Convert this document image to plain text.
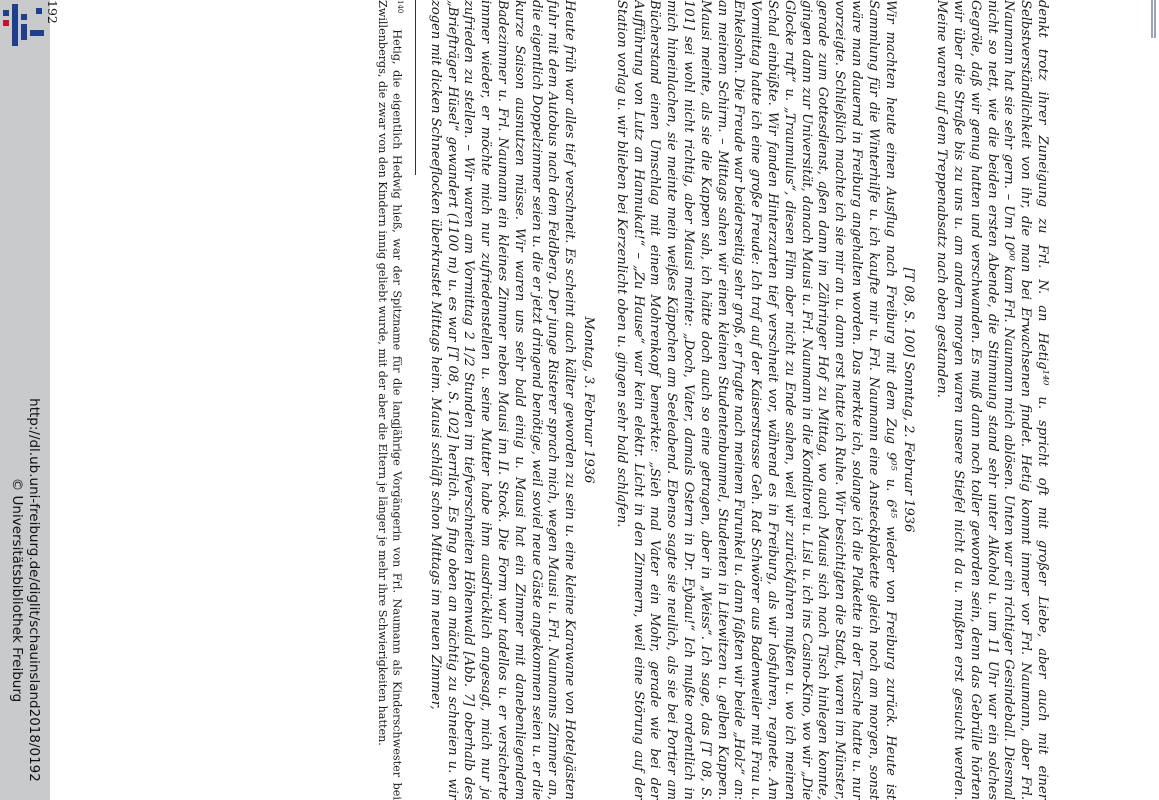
http://dl.ub.uni-freiburg.de/diglit/schauinsland2018/0192
© Universitätsbibliothek Freiburg	denkt trotz ihrer Zuneigung zu Frl. N. an Hetig¹⁴⁰ u. spricht oft mit großer Liebe, aber auch mit einer Selbstverständlichkeit von ihr, die man bei Erwachsenen findet. Hetig kommt immer vor Frl. Naumann, aber Frl. Naumann hat sie sehr gern. – Um 10⁰⁰ kam Frl. Naumann mich ablösen. Unten war ein richtiger Gesindeball. Diesmal nicht so nett, wie die beiden ersten Abende, die Stimmung stand sehr unter Alkohol u. um 11 Uhr war ein solches Gegröle, daß wir genug hatten und verschwanden. Es muß dann noch toller geworden sein, denn das Gebrülle hörten wir über die Straße bis zu uns u. am andern morgen waren unsere Stiefel nicht da u. mußten erst gesucht werden. Meine waren auf dem Treppenabsatz nach oben gestanden.

[T 08, S. 100] Sonntag, 2. Februar 1936

Wir machten heute einen Ausflug nach Freiburg mit dem Zug 9⁰⁵ u. 6⁴⁵ wieder von Freiburg zurück. Heute ist Sammlung für die Winterhilfe u. ich kaufte mir u. Frl. Naumann eine Ansteckplakette gleich noch am morgen, sonst wäre man dauernd in Freiburg angehalten worden. Das merkte ich, solange ich die Plakette in der Tasche hatte u. nur vorzeigte. Schließlich machte ich sie mir an u. dann erst hatte ich Ruhe. Wir besichtigten die Stadt, waren im Münster, gerade zum Gottesdienst, aßen dann im Zähringer Hof zu Mittag, wo auch Mausi sich nach Tisch hinlegen konnte, gingen dann zur Universität, danach Mausi u. Frl. Naumann in die Konditorei u. Lisl u. ich ins Casino-Kino, wo wir „Die Glocke ruft“ u. „Traumulus“, diesen Film aber nicht zu Ende sahen, weil wir zurückfahren mußten u. wo ich meinen Schal einbüßte. Wir fanden Hinterzarten tief verschneit vor, während es in Freiburg, als wir losfuhren, regnete. Am Vormittag hatte ich eine große Freude: Ich traf auf der Kaiserstrasse Geh. Rat Schwörer aus Badenweiler mit Frau u. Enkelsohn. Die Freude war beiderseitig sehr groß, er fragte nach meinem Furunkel u. dann faßten wir beide „Holz“ an: an meinem Schirm. – Mittags sahen wir einen kleinen Studentenbummel, Studenten in Litewitzen u. gelben Kappen. Mausi meinte, als sie die Kappen sah, ich hätte doch auch so eine getragen, aber in „Weiss“. Ich sage, das [T 08, S. 101] sei wohl nicht richtig, aber Mausi meinte: „Doch, Vater, damals Ostern in Dr. Eybau!“ Ich mußte ordentlich in mich hineinlachen, sie meinte mein weißes Käppchen am Seeleabend. Ebenso sagte sie neulich, als sie bei Portier am Bücherstand einen Umschlag mit einem Mohrenkopf bemerkte: „Sieh mal Vater ein Mohr, gerade wie bei der Aufführung von Lutz an Hannukat!“ – „Zu Hause“ war kein elektr. Licht in den Zimmern, weil eine Störung auf der Station vorlag u. wir blieben bei Kerzenlicht oben u. gingen sehr bald schlafen.

Montag, 3. Februar 1936

Heute früh war alles tief verschneit. Es scheint auch kälter geworden zu sein u. eine kleine Karawane von Hotelgästen fuhr mit dem Autobus nach dem Feldberg. Der junge Risterer sprach mich, wegen Mausi u. Frl. Naumanns Zimmer an, die eigentlich Doppelzimmer seien u. die er jetzt dringend benötige, weil soviel neue Gäste angekommen seien u. er die kurze Saison ausnutzen müsse. Wir waren uns sehr bald einig u. Mausi hat ein Zimmer mit danebenliegendem Badezimmer u. Frl. Naumann ein kleines Zimmer neben Mausi im II. Stock. Die Form war tadellos u. er versicherte immer wieder, er möchte mich nur zufriedenstellen u. seine Mutter habe ihm ausdrücklich angesagt, mich nur ja zufrieden zu stellen. – Wir waren am Vormittag 2 1/2 Stunden im tiefverschneiten Höhenwald [Abb. 7] oberhalb des „Briefträger Hüsel“ gewandert (1100 m) u. es war [T 08, S. 102] herrlich. Es fing oben an mächtig zu schneien u. wir zogen mit dicken Schneeflocken überkrustet Mittags heim. Mausi schläft schon Mittags im neuen Zimmer,

$^{140}$Hetig, die eigentlich Hedwig hieß, war der Spitzname für die langjährige Vorgängerin von Frl. Naumann als Kinderschwester bei Zwillenbergs, die zwar von den Kindern innig geliebt wurde, mit der aber die Eltern je länger je mehr ihre Schwierigkeiten hatten.
192
